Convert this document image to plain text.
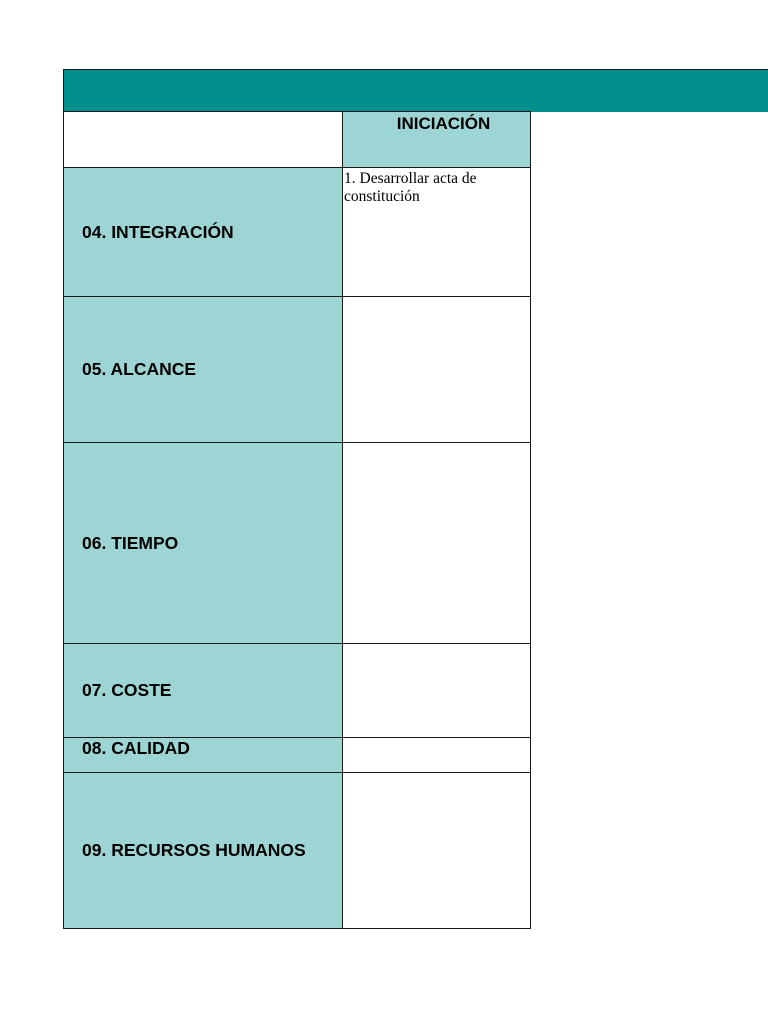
INICIACIÓN
04. INTEGRACIÓN
1. Desarrollar acta de constitución
05. ALCANCE
06. TIEMPO
07. COSTE
08. CALIDAD
09. RECURSOS HUMANOS
